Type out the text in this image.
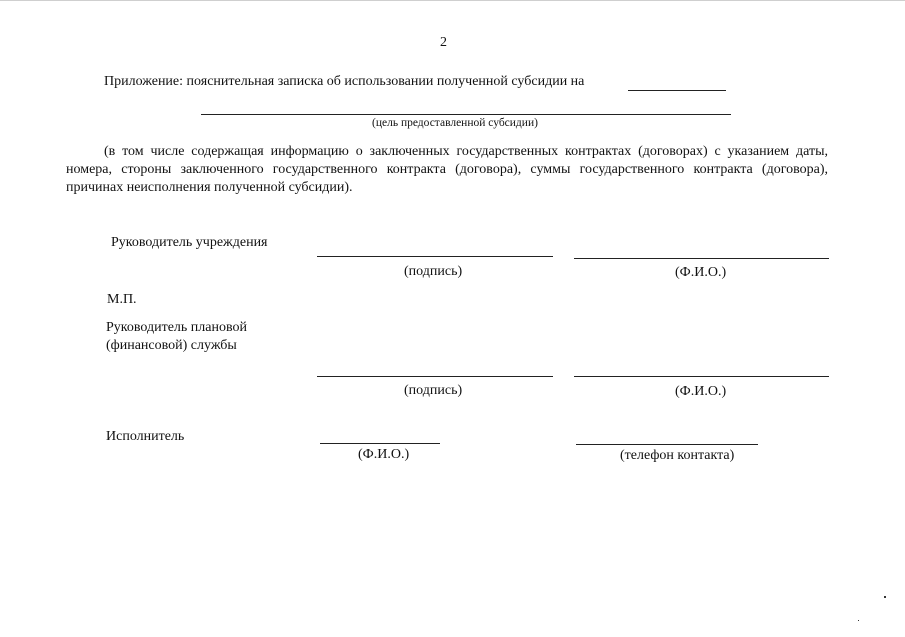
2
Приложение: пояснительная записка об использовании полученной субсидии на
(цель предоставленной субсидии)
(в том числе содержащая информацию о заключенных государственных контрактах (договорах) с указанием даты, номера, стороны заключенного государственного контракта (договора), суммы государственного контракта (договора), причинах неисполнения полученной субсидии).
Руководитель учреждения
(подпись)	(Ф.И.О.)
М.П.
Руководитель плановой
(финансовой) службы
(подпись)	(Ф.И.О.)
Исполнитель
(Ф.И.О.)	(телефон контакта)
